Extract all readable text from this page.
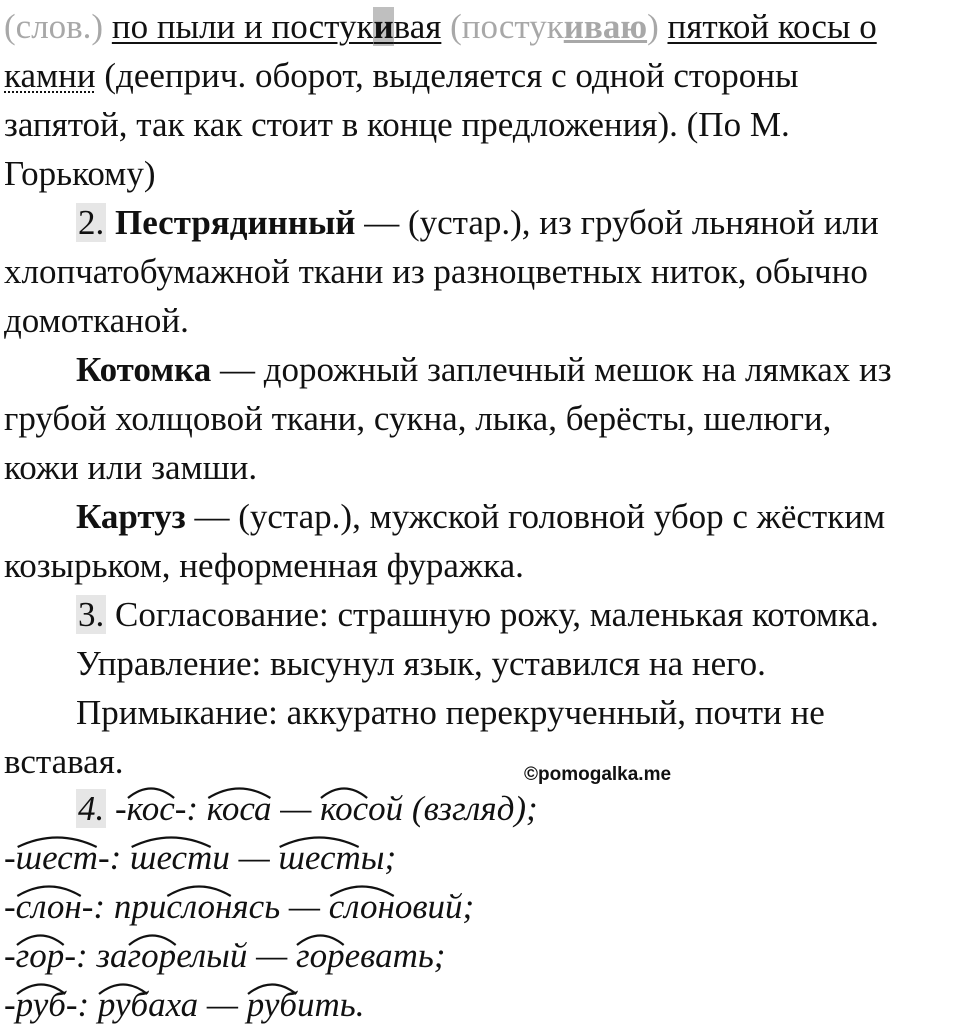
(слов.) по пыли и постукивая (постукиваю) пяткой косы о
камни (дееприч. оборот, выделяется с одной стороны
запятой, так как стоит в конце предложения). (По М.
Горькому)
2. Пестрядинный — (устар.), из грубой льняной или
хлопчатобумажной ткани из разноцветных ниток, обычно
домотканой.
Котомка — дорожный заплечный мешок на лямках из
грубой холщовой ткани, сукна, лыка, берёсты, шелюги,
кожи или замши.
Картуз — (устар.), мужской головной убор с жёстким
козырьком, неформенная фуражка.
3. Согласование: страшную рожу, маленькая котомка.
Управление: высунул язык, уставился на него.
Примыкание: аккуратно перекрученный, почти не
вставая.	©pomogalka.me
4. -
кос-:
коса —
косой (взгляд);
-
шест-:
шести —
шесты;
-
слон-: при
слонясь —
слоновий;
-
гор-: за
горелый —
горевать;
-
руб-:
рубаха —
рубить.
